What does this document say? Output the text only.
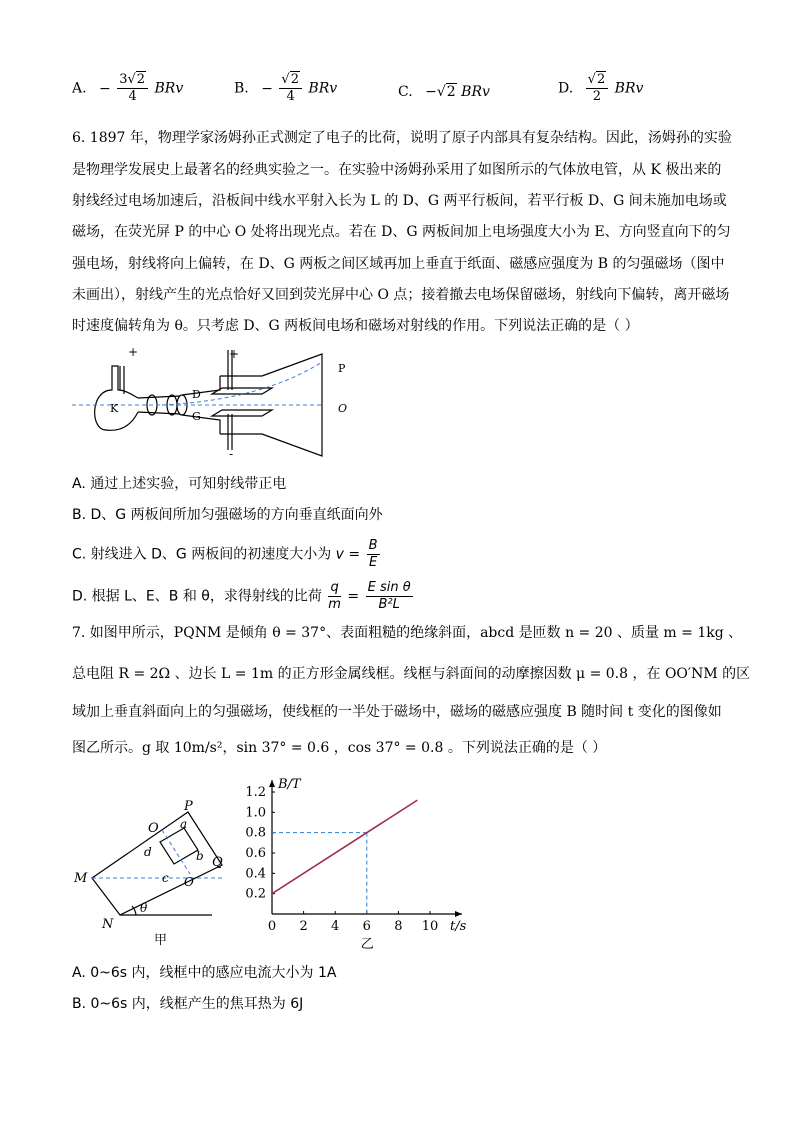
A. − $\frac{3√2}{4}$ BRv	B. − $\frac{√2}{4}$ BRv	C. −√2 BRv	D. $\frac{√2}{2}$ BRv
6. 1897 年，物理学家汤姆孙正式测定了电子的比荷，说明了原子内部具有复杂结构。因此，汤姆孙的实验
是物理学发展史上最著名的经典实验之一。在实验中汤姆孙采用了如图所示的气体放电管，从 K 极出来的
射线经过电场加速后，沿板间中线水平射入长为 L 的 D、G 两平行板间，若平行板 D、G 间未施加电场或
磁场，在荧光屏 P 的中心 O 处将出现光点。若在 D、G 两板间加上电场强度大小为 E、方向竖直向下的匀
强电场，射线将向上偏转，在 D、G 两板之间区域再加上垂直于纸面、磁感应强度为 B 的匀强磁场（图中
未画出），射线产生的光点恰好又回到荧光屏中心 O 点；接着撤去电场保留磁场，射线向下偏转，离开磁场
时速度偏转角为 θ。只考虑 D、G 两板间电场和磁场对射线的作用。下列说法正确的是（ ）
+	+
-
K
D
G
P
O
A. 通过上述实验，可知射线带正电
B. D、G 两板间所加匀强磁场的方向垂直纸面向外
C. 射线进入 D、G 两板间的初速度大小为 $v = \frac{B}{E}$
D. 根据 L、E、B 和 θ，求得射线的比荷 $\frac{q}{m} = \frac{\text{E sin θ}}{\text{B²L}}$
7. 如图甲所示，PQNM 是倾角 θ = 37°、表面粗糙的绝缘斜面，abcd 是匝数 n = 20 、质量 m = 1kg 、
总电阻 R = 2Ω 、边长 L = 1m 的正方形金属线框。线框与斜面间的动摩擦因数 μ = 0.8 ，在 OO′NM 的区
域加上垂直斜面向上的匀强磁场，使线框的一半处于磁场中，磁场的磁感应强度 B 随时间 t 变化的图像如
图乙所示。g 取 10m/s²，sin 37° = 0.6 ，cos 37° = 0.8 。下列说法正确的是（ ）
P
O a
d	b Q
M	c O′
θ
N
甲
0 2 4 6 8 10
0.2
0.4
0.6
0.8
1.0
1.2
B/T
t/s
乙
A. 0~6s 内，线框中的感应电流大小为 1A
B. 0~6s 内，线框产生的焦耳热为 6J
